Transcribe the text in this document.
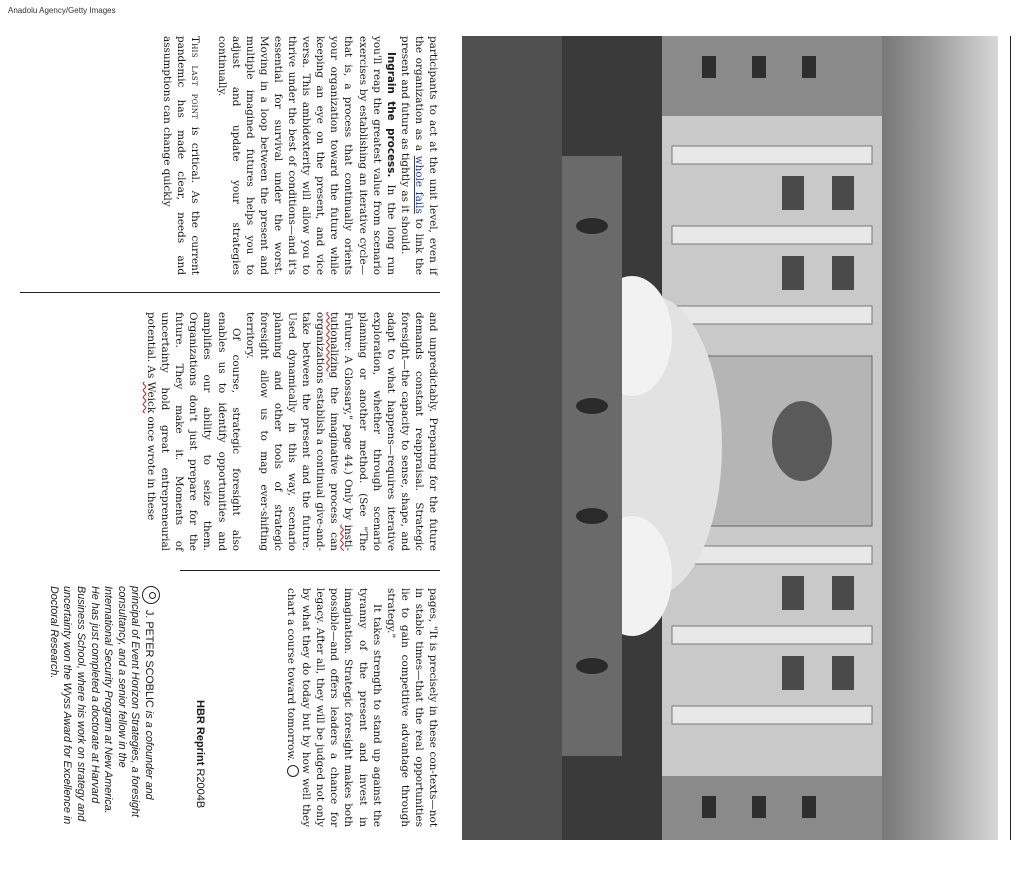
Anadolu Agency/Getty Images

participants to act at the unit level, even if the organization as a whole fails to link the present and future as tightly as it should.

Ingrain the process. In the long run you'll reap the greatest value from scenario exercises by establishing an iterative cycle—that is, a process that continually orients your organization toward the future while keeping an eye on the present, and vice versa. This ambidexterity will allow you to thrive under the best of conditions—and it's essential for survival under the worst. Moving in a loop between the present and multiple imagined futures helps you to adjust and update your strategies continually.

This last point is critical. As the current pandemic has made clear, needs and assumptions can change quickly

and unpredictably. Preparing for the future demands constant reappraisal. Strategic foresight—the capacity to sense, shape, and adapt to what happens—requires iterative exploration, whether through scenario planning or another method. (See "The Future: A Glossary," page 44.) Only by insti-tutionalizing the imaginative process can organizations establish a continual give-and-take between the present and the future. Used dynamically in this way, scenario planning and other tools of strategic foresight allow us to map ever-shifting territory.

Of course, strategic foresight also enables us to identify opportunities and amplifies our ability to seize them. Organizations don't just prepare for the future. They make it. Moments of uncertainty hold great entrepreneurial potential. As Weick once wrote in these

pages, "It is precisely in these con-texts—not in stable times—that the real opportunities lie to gain competitive advantage through strategy."

It takes strength to stand up against the tyranny of the present and invest in imagination. Strategic foresight makes both possible—and offers leaders a chance for legacy. After all, they will be judged not only by what they do today but by how well they chart a course toward tomorrow.

HBR Reprint R2004B
J. PETER SCOBLIC is a cofounder and principal of Event Horizon Strategies, a foresight consultancy, and a senior fellow in the International Security Program at New America. He has just completed a doctorate at Harvard Business School, where his work on strategy and uncertainty won the Wyss Award for Excellence in Doctoral Research.
